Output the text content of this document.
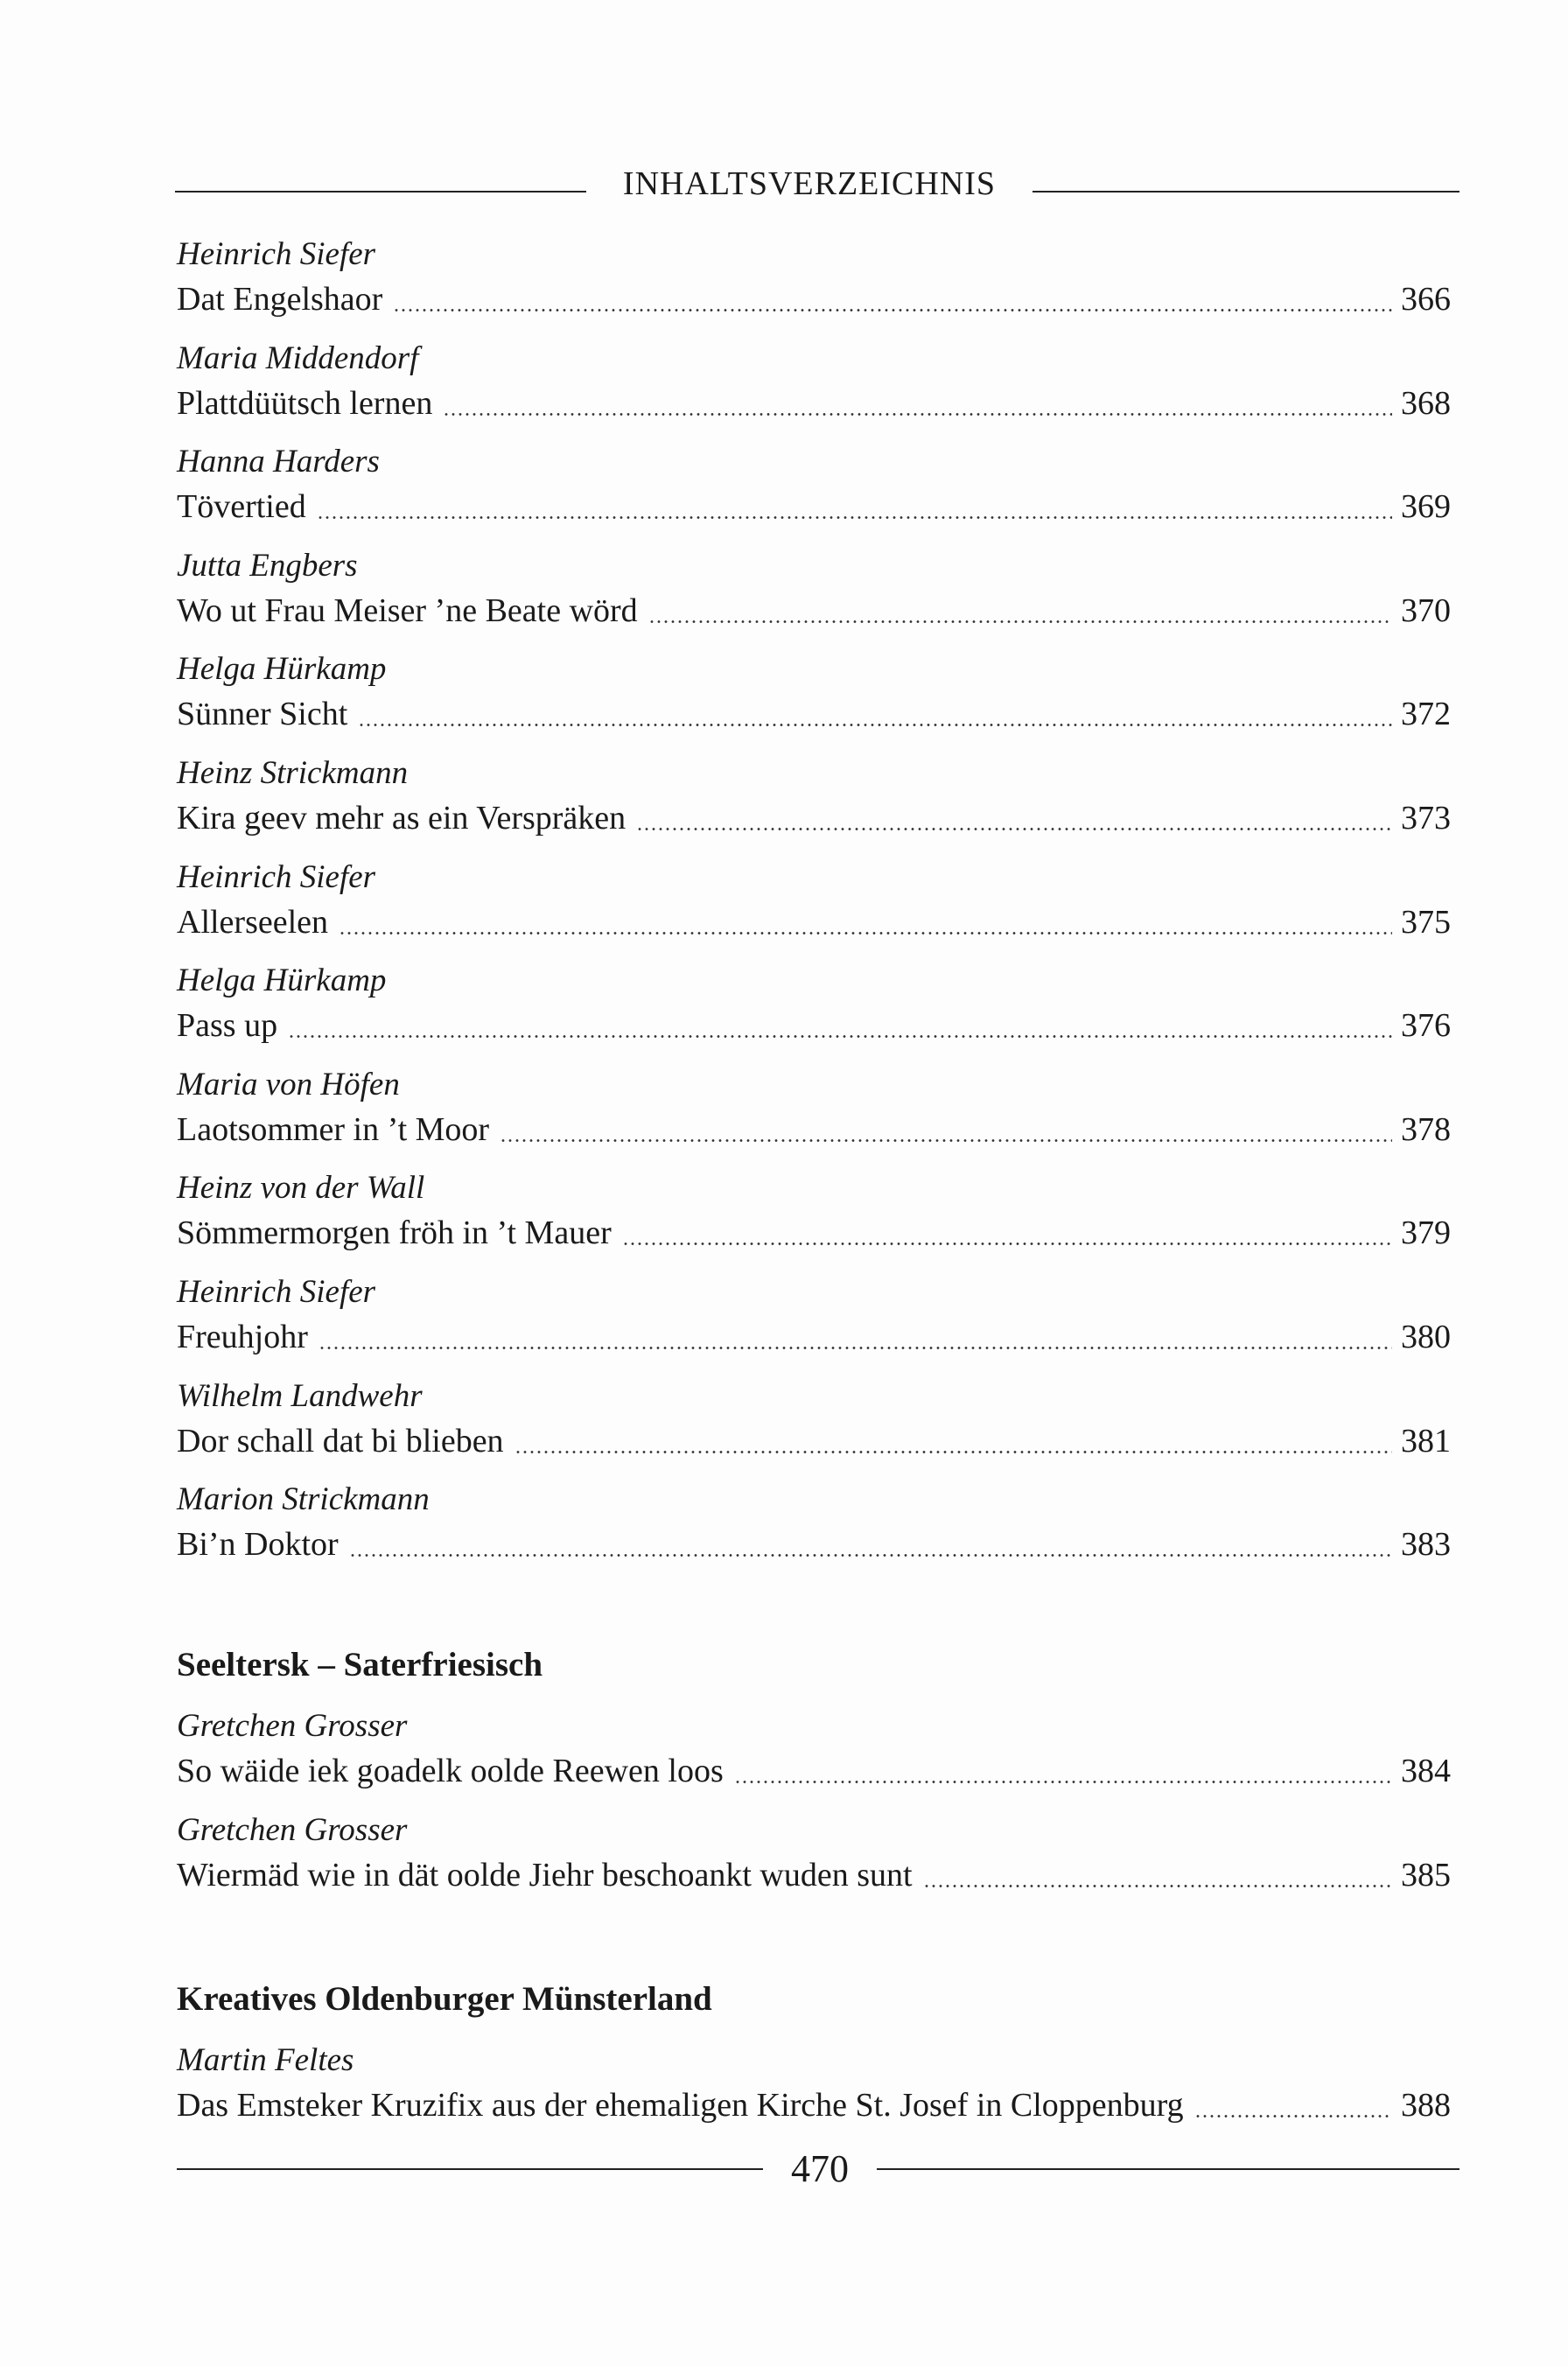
INHALTSVERZEICHNIS
Heinrich Siefer
Dat Engelshaor	366
Maria Middendorf
Plattdüütsch lernen	368
Hanna Harders
Tövertied	369
Jutta Engbers
Wo ut Frau Meiser ’ne Beate wörd	370
Helga Hürkamp
Sünner Sicht	372
Heinz Strickmann
Kira geev mehr as ein Verspräken	373
Heinrich Siefer
Allerseelen	375
Helga Hürkamp
Pass up	376
Maria von Höfen
Laotsommer in ’t Moor	378
Heinz von der Wall
Sömmermorgen fröh in ’t Mauer	379
Heinrich Siefer
Freuhjohr	380
Wilhelm Landwehr
Dor schall dat bi blieben	381
Marion Strickmann
Bi’n Doktor	383
Seeltersk – Saterfriesisch
Gretchen Grosser
So wäide iek goadelk oolde Reewen loos	384
Gretchen Grosser
Wiermäd wie in dät oolde Jiehr beschoankt wuden sunt	385
Kreatives Oldenburger Münsterland
Martin Feltes
Das Emsteker Kruzifix aus der ehemaligen Kirche St. Josef in Cloppenburg	388
470
